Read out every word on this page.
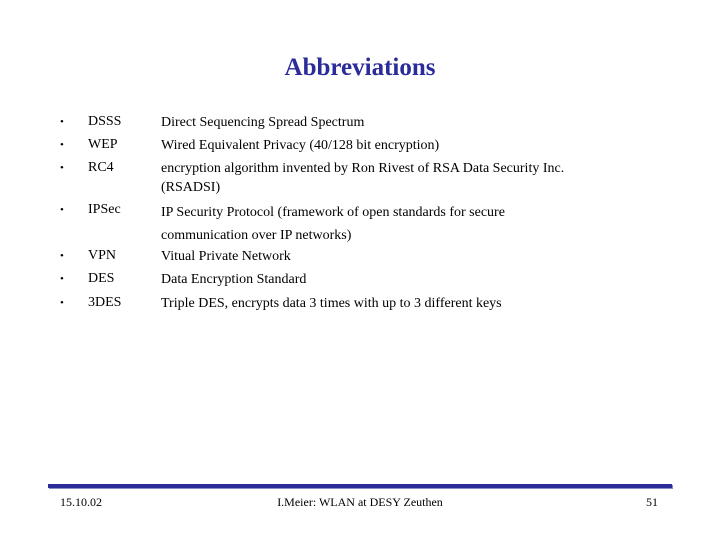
Abbreviations
•	DSSS	Direct Sequencing Spread Spectrum
•	WEP	Wired Equivalent Privacy (40/128 bit encryption)
•	RC4	encryption algorithm invented by Ron Rivest of RSA Data Security Inc. (RSADSI)
•	IPSec	IP Security Protocol (framework of open standards for secure communication over IP networks)
•	VPN	Vitual Private Network
•	DES	Data Encryption Standard
•	3DES	Triple DES, encrypts data 3 times with up to 3 different keys
15.10.02	I.Meier: WLAN at DESY Zeuthen	51
